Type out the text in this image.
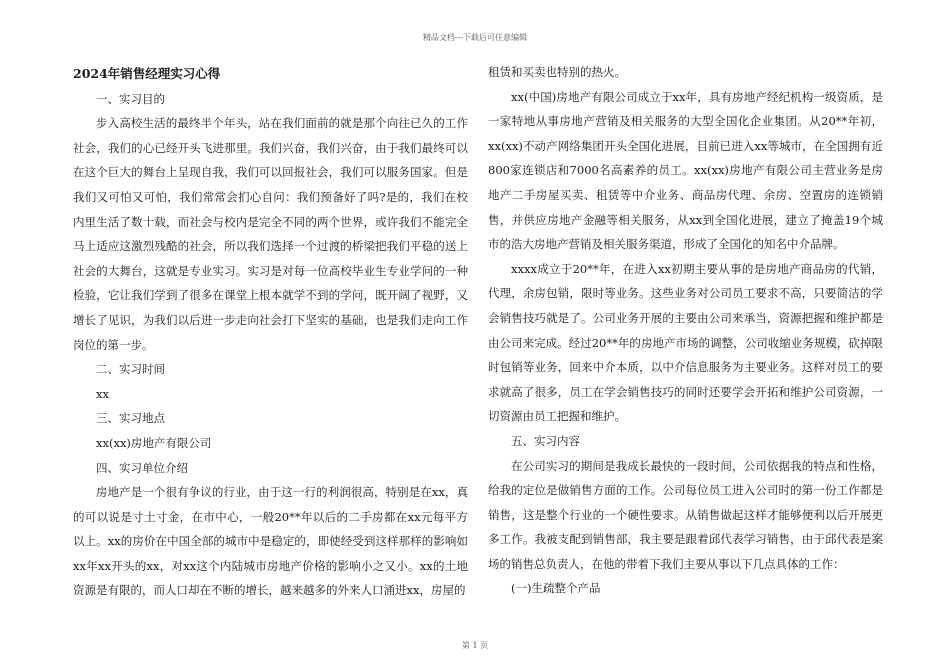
精品文档---下载后可任意编辑
2024年销售经理实习心得

一、实习目的

步入高校生活的最终半个年头，站在我们面前的就是那个向往已久的工作社会，我们的心已经开头飞进那里。我们兴奋，我们兴奋，由于我们最终可以在这个巨大的舞台上呈现自我，我们可以回报社会，我们可以服务国家。但是我们又可怕又可怕，我们常常会扪心自问：我们预备好了吗?是的，我们在校内里生活了数十载，而社会与校内是完全不同的两个世界，或许我们不能完全马上适应这激烈残酷的社会，所以我们选择一个过渡的桥梁把我们平稳的送上社会的大舞台，这就是专业实习。实习是对每一位高校毕业生专业学问的一种检验，它让我们学到了很多在课堂上根本就学不到的学问，既开阔了视野，又增长了见识，为我们以后进一步走向社会打下坚实的基础，也是我们走向工作岗位的第一步。

二、实习时间

xx

三、实习地点

xx(xx)房地产有限公司

四、实习单位介绍

房地产是一个很有争议的行业，由于这一行的利润很高，特别是在xx，真的可以说是寸土寸金，在市中心，一般20**年以后的二手房都在xx元每平方以上。xx的房价在中国全部的城市中是稳定的，即使经受到这样那样的影响如xx年xx开头的xx，对xx这个内陆城市房地产价格的影响小之又小。xx的土地资源是有限的，而人口却在不断的增长，越来越多的外来人口涌进xx，房屋的

租赁和买卖也特别的热火。

xx(中国)房地产有限公司成立于xx年，具有房地产经纪机构一级资质，是一家特地从事房地产营销及相关服务的大型全国化企业集团。从20**年初，xx(xx)不动产网络集团开头全国化进展，目前已进入xx等城市，在全国拥有近800家连锁店和7000名高素养的员工。xx(xx)房地产有限公司主营业务是房地产二手房屋买卖、租赁等中介业务、商品房代理、余房、空置房的连锁销售，并供应房地产金融等相关服务，从xx到全国化进展，建立了掩盖19个城市的浩大房地产营销及相关服务渠道，形成了全国化的知名中介品牌。

xxxx成立于20**年，在进入xx初期主要从事的是房地产商品房的代销，代理，余房包销，限时等业务。这些业务对公司员工要求不高，只要简洁的学会销售技巧就是了。公司业务开展的主要由公司来承当，资源把握和维护都是由公司来完成。经过20**年的房地产市场的调整，公司收缩业务规模，砍掉限时包销等业务，回来中介本质，以中介信息服务为主要业务。这样对员工的要求就高了很多，员工在学会销售技巧的同时还要学会开拓和维护公司资源，一切资源由员工把握和维护。

五、实习内容

在公司实习的期间是我成长最快的一段时间，公司依据我的特点和性格，给我的定位是做销售方面的工作。公司每位员工进入公司时的第一份工作都是销售，这是整个行业的一个硬性要求。从销售做起这样才能够便利以后开展更多工作。我被支配到销售部，我主要是跟着邱代表学习销售，由于邱代表是案场的销售总负责人，在他的带着下我们主要从事以下几点具体的工作：

(一)生疏整个产品

第 1 页
